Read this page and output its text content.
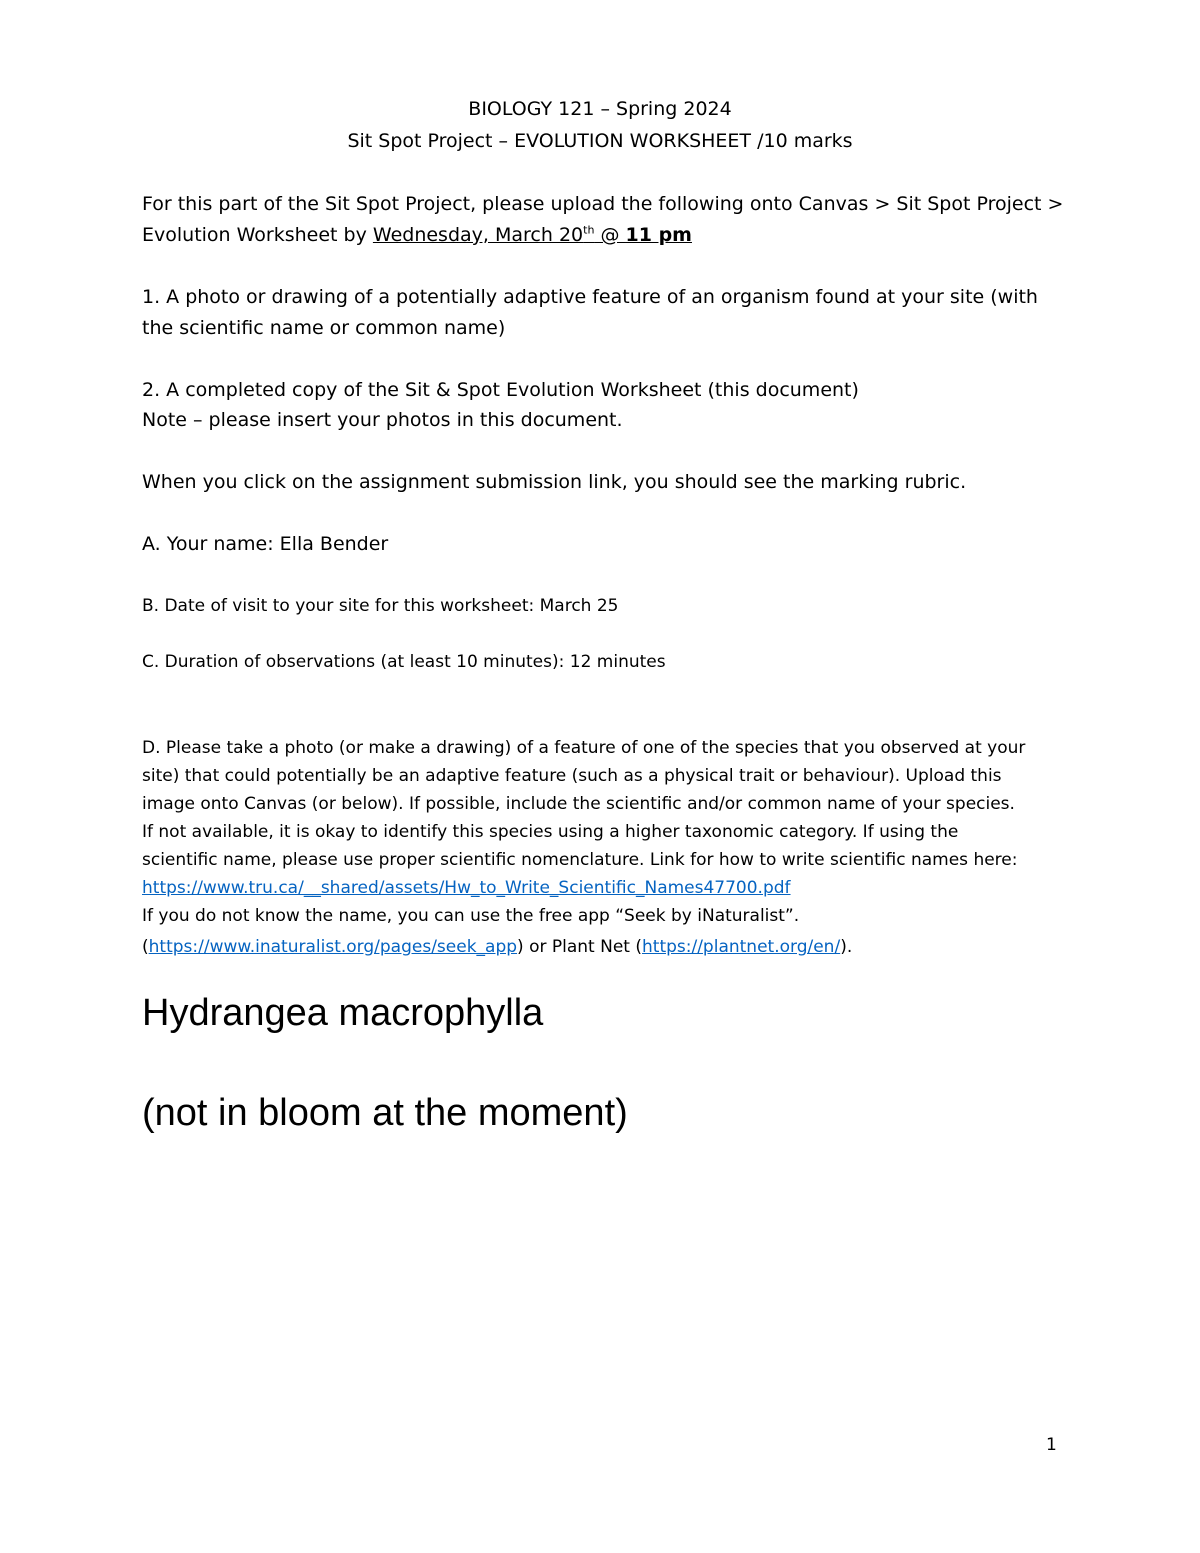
BIOLOGY 121 – Spring 2024
Sit Spot Project – EVOLUTION WORKSHEET /10 marks
For this part of the Sit Spot Project, please upload the following onto Canvas > Sit Spot Project >
Evolution Worksheet by Wednesday, March 20th @ 11 pm
1. A photo or drawing of a potentially adaptive feature of an organism found at your site (with
the scientific name or common name)
2. A completed copy of the Sit & Spot Evolution Worksheet (this document)
Note – please insert your photos in this document.
When you click on the assignment submission link, you should see the marking rubric.
A. Your name: Ella Bender
B. Date of visit to your site for this worksheet: March 25
C. Duration of observations (at least 10 minutes): 12 minutes
D. Please take a photo (or make a drawing) of a feature of one of the species that you observed at your
site) that could potentially be an adaptive feature (such as a physical trait or behaviour). Upload this
image onto Canvas (or below). If possible, include the scientific and/or common name of your species.
If not available, it is okay to identify this species using a higher taxonomic category. If using the
scientific name, please use proper scientific nomenclature. Link for how to write scientific names here:
https://www.tru.ca/__shared/assets/Hw_to_Write_Scientific_Names47700.pdf
If you do not know the name, you can use the free app “Seek by iNaturalist”.
(https://www.inaturalist.org/pages/seek_app) or Plant Net (https://plantnet.org/en/).
Hydrangea macrophylla
(not in bloom at the moment)
1
